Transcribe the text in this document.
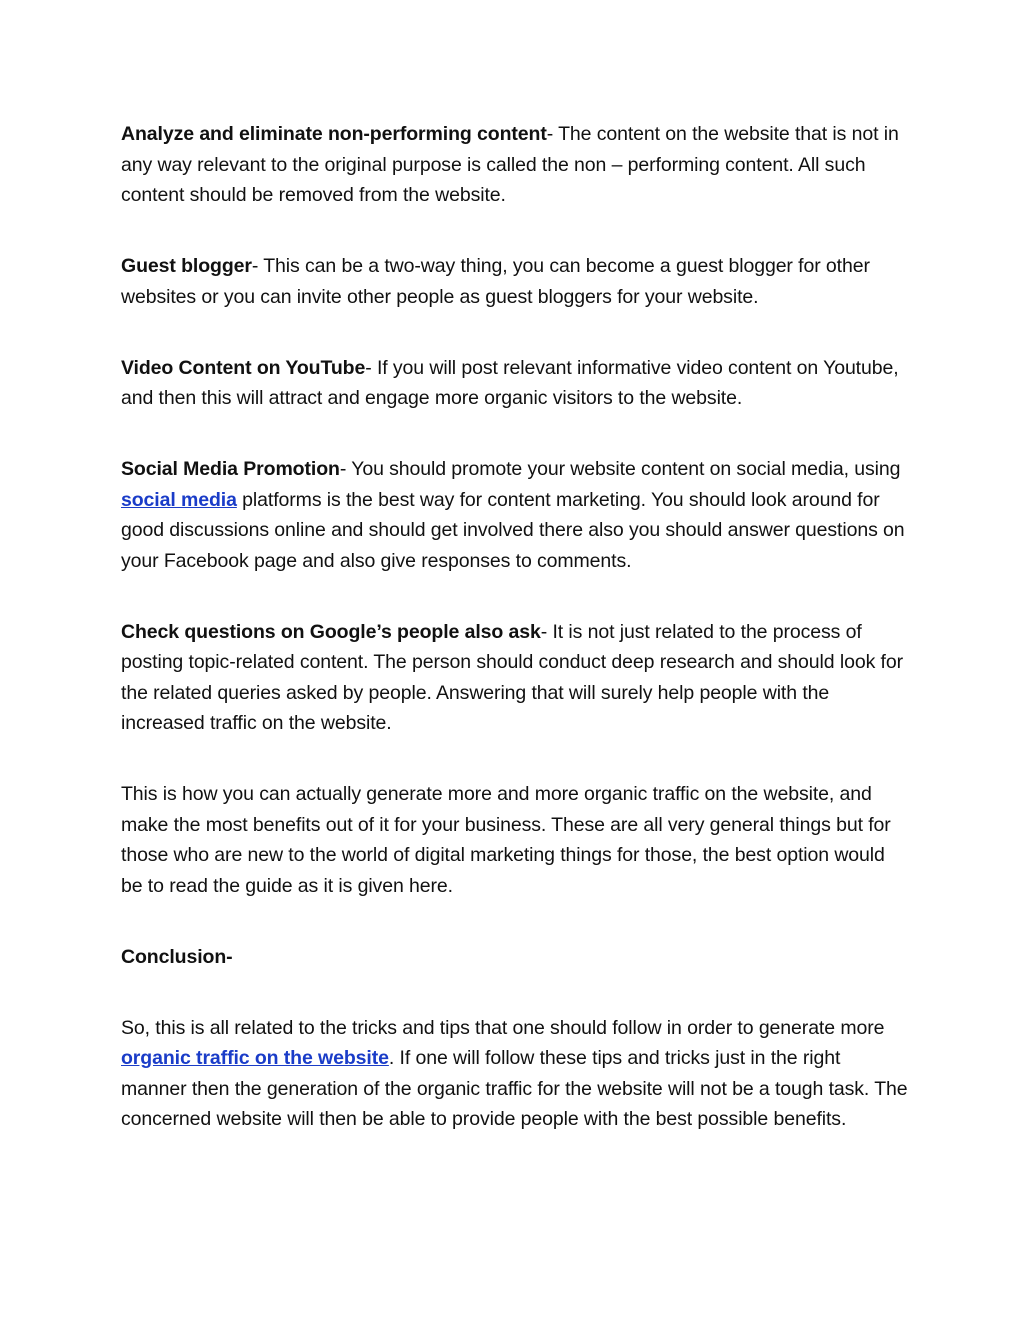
Analyze and eliminate non-performing content- The content on the website that is not in any way relevant to the original purpose is called the non – performing content. All such content should be removed from the website.

Guest blogger- This can be a two-way thing, you can become a guest blogger for other websites or you can invite other people as guest bloggers for your website.

Video Content on YouTube- If you will post relevant informative video content on Youtube, and then this will attract and engage more organic visitors to the website.

Social Media Promotion- You should promote your website content on social media, using social media platforms is the best way for content marketing. You should look around for good discussions online and should get involved there also you should answer questions on your Facebook page and also give responses to comments.

Check questions on Google’s people also ask- It is not just related to the process of posting topic-related content. The person should conduct deep research and should look for the related queries asked by people. Answering that will surely help people with the increased traffic on the website.

This is how you can actually generate more and more organic traffic on the website, and make the most benefits out of it for your business. These are all very general things but for those who are new to the world of digital marketing things for those, the best option would be to read the guide as it is given here.

Conclusion-

So, this is all related to the tricks and tips that one should follow in order to generate more organic traffic on the website. If one will follow these tips and tricks just in the right manner then the generation of the organic traffic for the website will not be a tough task. The concerned website will then be able to provide people with the best possible benefits.
